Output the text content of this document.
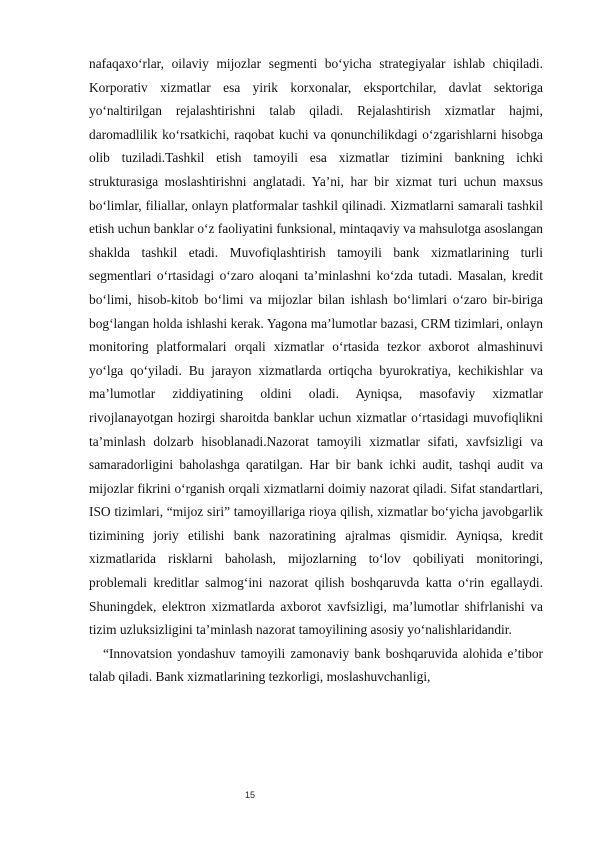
nafaqaxo‘rlar, oilaviy mijozlar segmenti bo‘yicha strategiyalar ishlab chiqiladi. Korporativ xizmatlar esa yirik korxonalar, eksportchilar, davlat sektoriga yo‘naltirilgan rejalashtirishni talab qiladi. Rejalashtirish xizmatlar hajmi, daromadlilik ko‘rsatkichi, raqobat kuchi va qonunchilikdagi o‘zgarishlarni hisobga olib tuziladi.Tashkil etish tamoyili esa xizmatlar tizimini bankning ichki strukturasiga moslashtirishni anglatadi. Ya’ni, har bir xizmat turi uchun maxsus bo‘limlar, filiallar, onlayn platformalar tashkil qilinadi. Xizmatlarni samarali tashkil etish uchun banklar o‘z faoliyatini funksional, mintaqaviy va mahsulotga asoslangan shaklda tashkil etadi. Muvofiqlashtirish tamoyili bank xizmatlarining turli segmentlari o‘rtasidagi o‘zaro aloqani ta’minlashni ko‘zda tutadi. Masalan, kredit bo‘limi, hisob-kitob bo‘limi va mijozlar bilan ishlash bo‘limlari o‘zaro bir-biriga bog‘langan holda ishlashi kerak. Yagona ma’lumotlar bazasi, CRM tizimlari, onlayn monitoring platformalari orqali xizmatlar o‘rtasida tezkor axborot almashinuvi yo‘lga qo‘yiladi. Bu jarayon xizmatlarda ortiqcha byurokratiya, kechikishlar va ma’lumotlar ziddiyatining oldini oladi. Ayniqsa, masofaviy xizmatlar rivojlanayotgan hozirgi sharoitda banklar uchun xizmatlar o‘rtasidagi muvofiqlikni ta’minlash dolzarb hisoblanadi.Nazorat tamoyili xizmatlar sifati, xavfsizligi va samaradorligini baholashga qaratilgan. Har bir bank ichki audit, tashqi audit va mijozlar fikrini o‘rganish orqali xizmatlarni doimiy nazorat qiladi. Sifat standartlari, ISO tizimlari, “mijoz siri” tamoyillariga rioya qilish, xizmatlar bo‘yicha javobgarlik tizimining joriy etilishi bank nazoratining ajralmas qismidir. Ayniqsa, kredit xizmatlarida risklarni baholash, mijozlarning to‘lov qobiliyati monitoringi, problemali kreditlar salmog‘ini nazorat qilish boshqaruvda katta o‘rin egallaydi. Shuningdek, elektron xizmatlarda axborot xavfsizligi, ma’lumotlar shifrlanishi va tizim uzluksizligini ta’minlash nazorat tamoyilining asosiy yo‘nalishlaridandir.

“Innovatsion yondashuv tamoyili zamonaviy bank boshqaruvida alohida e’tibor talab qiladi. Bank xizmatlarining tezkorligi, moslashuvchanligi,

15
